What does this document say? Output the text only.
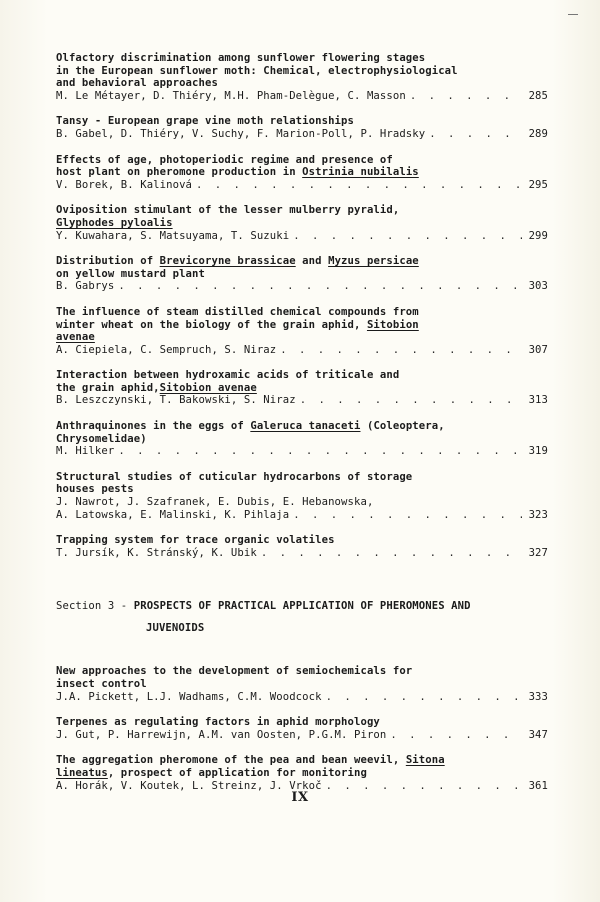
Olfactory discrimination among sunflower flowering stages
in the European sunflower moth: Chemical, electrophysiological
and behavioral approaches
M. Le Métayer, D. Thiéry, M.H. Pham-Delègue, C. Masson . . .	285
Tansy - European grape vine moth relationships
B. Gabel, D. Thiéry, V. Suchy, F. Marion-Poll, P. Hradsky . . .	289
Effects of age, photoperiodic regime and presence of
host plant on pheromone production in Ostrinia nubilalis
V. Borek, B. Kalinová . . .	295
Oviposition stimulant of the lesser mulberry pyralid,
Glyphodes pyloalis
Y. Kuwahara, S. Matsuyama, T. Suzuki . . .	299
Distribution of Brevicoryne brassicae and Myzus persicae
on yellow mustard plant
B. Gabrys . . .	303
The influence of steam distilled chemical compounds from
winter wheat on the biology of the grain aphid, Sitobion
avenae
A. Ciepiela, C. Sempruch, S. Niraz . . .	307
Interaction between hydroxamic acids of triticale and
the grain aphid,Sitobion avenae
B. Leszczynski, T. Bakowski, S. Niraz . . .	313
Anthraquinones in the eggs of Galeruca tanaceti (Coleoptera,
Chrysomelidae)
M. Hilker . . .	319
Structural studies of cuticular hydrocarbons of storage
houses pests
J. Nawrot, J. Szafranek, E. Dubis, E. Hebanowska,
A. Latowska, E. Malinski, K. Pihlaja . . .	323
Trapping system for trace organic volatiles
T. Jursík, K. Stránský, K. Ubik . . .	327
Section 3 - PROSPECTS OF PRACTICAL APPLICATION OF PHEROMONES AND
JUVENOIDS
New approaches to the development of semiochemicals for
insect control
J.A. Pickett, L.J. Wadhams, C.M. Woodcock . . .	333
Terpenes as regulating factors in aphid morphology
J. Gut, P. Harrewijn, A.M. van Oosten, P.G.M. Piron . . .	347
The aggregation pheromone of the pea and bean weevil, Sitona
lineatus, prospect of application for monitoring
A. Horák, V. Koutek, L. Streinz, J. Vrkoč . . .	361
IX
